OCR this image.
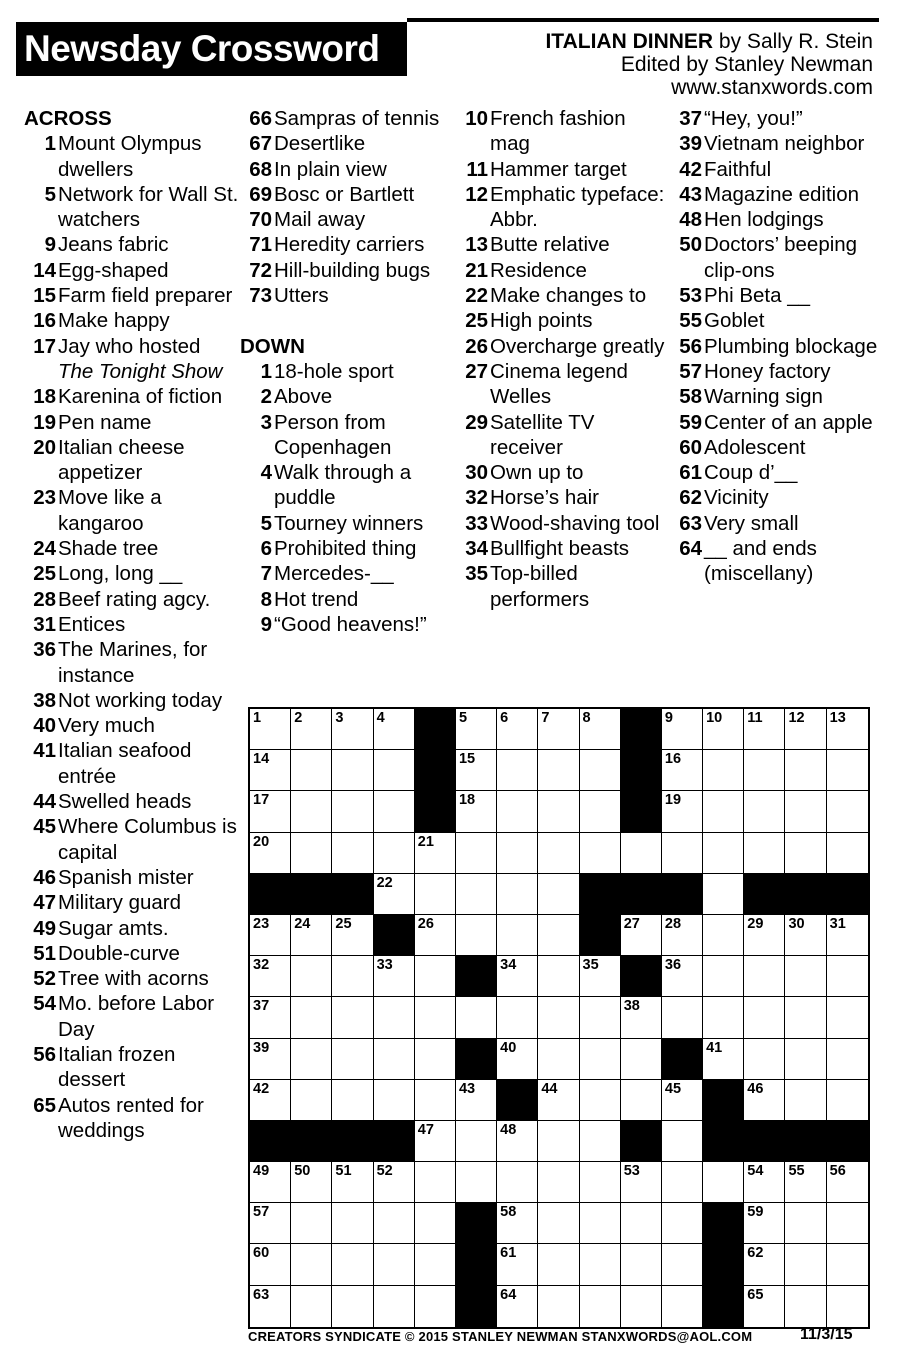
Newsday Crossword	ITALIAN DINNER by Sally R. Stein
Edited by Stanley Newman
www.stanxwords.com
ACROSS
1 Mount Olympus dwellers
5 Network for Wall St. watchers
9 Jeans fabric
14 Egg-shaped
15 Farm field preparer
16 Make happy
17 Jay who hosted The Tonight Show
18 Karenina of fiction
19 Pen name
20 Italian cheese appetizer
23 Move like a kangaroo
24 Shade tree
25 Long, long __
28 Beef rating agcy.
31 Entices
36 The Marines, for instance
38 Not working today
40 Very much
41 Italian seafood entrée
44 Swelled heads
45 Where Columbus is capital
46 Spanish mister
47 Military guard
49 Sugar amts.
51 Double-curve
52 Tree with acorns
54 Mo. before Labor Day
56 Italian frozen dessert
65 Autos rented for weddings
66 Sampras of tennis
67 Desertlike
68 In plain view
69 Bosc or Bartlett
70 Mail away
71 Heredity carriers
72 Hill-building bugs
73 Utters
DOWN
1 18-hole sport
2 Above
3 Person from Copenhagen
4 Walk through a puddle
5 Tourney winners
6 Prohibited thing
7 Mercedes-__
8 Hot trend
9 “Good heavens!”
10 French fashion mag
11 Hammer target
12 Emphatic typeface: Abbr.
13 Butte relative
21 Residence
22 Make changes to
25 High points
26 Overcharge greatly
27 Cinema legend Welles
29 Satellite TV receiver
30 Own up to
32 Horse’s hair
33 Wood-shaving tool
34 Bullfight beasts
35 Top-billed performers
37 “Hey, you!”
39 Vietnam neighbor
42 Faithful
43 Magazine edition
48 Hen lodgings
50 Doctors’ beeping clip-ons
53 Phi Beta __
55 Goblet
56 Plumbing blockage
57 Honey factory
58 Warning sign
59 Center of an apple
60 Adolescent
61 Coup d’__
62 Vicinity
63 Very small
64 __ and ends (miscellany)
1 2 3 4	5 6 7 8	9 10 11 12 13
14	15	16
17	18	19
20	21
22
23 24 25	26	27 28	29 30 31
32	33	34	35	36
37	38
39	40	41
42	43	44	45	46
47	48
49 50 51 52	53	54 55 56
57	58	59
60	61	62
63	64	65
CREATORS SYNDICATE © 2015 STANLEY NEWMAN STANXWORDS@AOL.COM	11/3/15
